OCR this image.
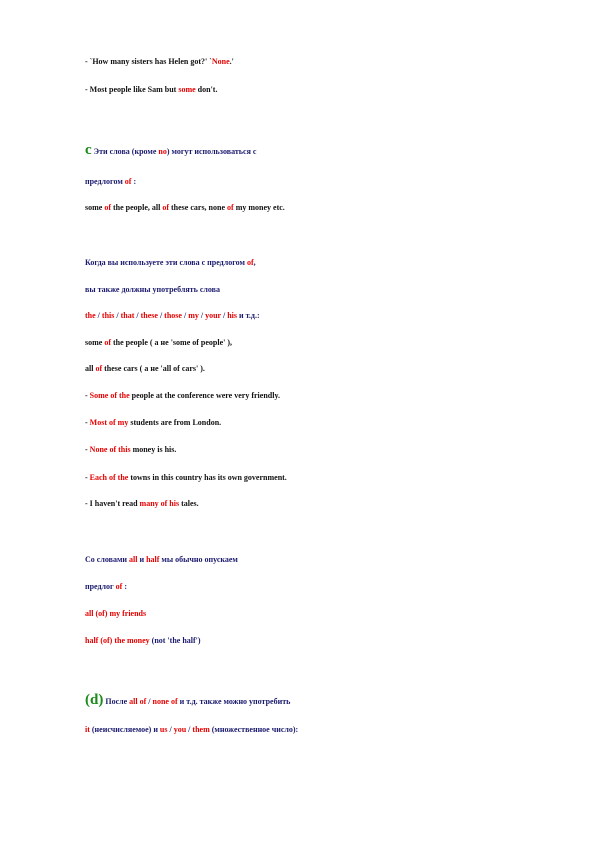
- `How many sisters has Helen got?' `None.'
- Most people like Sam but some don't.
c Эти слова (кроме no) могут использоваться с
предлогом of :
some of the people, all of these cars, none of my money etc.
Когда вы используете эти слова с предлогом of,
вы также должны употреблять слова
the / this / that / these / those / my / your / his и т.д.:
some of the people ( a не 'some of people' ),
all of these cars ( a не 'all of cars' ).
- Some of the people at the conference were very friendly.
- Most of my students are from London.
- None of this money is his.
- Each of the towns in this country has its own government.
- I haven't read many of his tales.
Со словами all и half мы обычно опускаем
предлог of :
all (of) my friends
half (of) the money (not 'the half')
(d) После all of / none of и т.д. также можно употребить
it (неисчисляемое) и us / you / them (множественное число):
